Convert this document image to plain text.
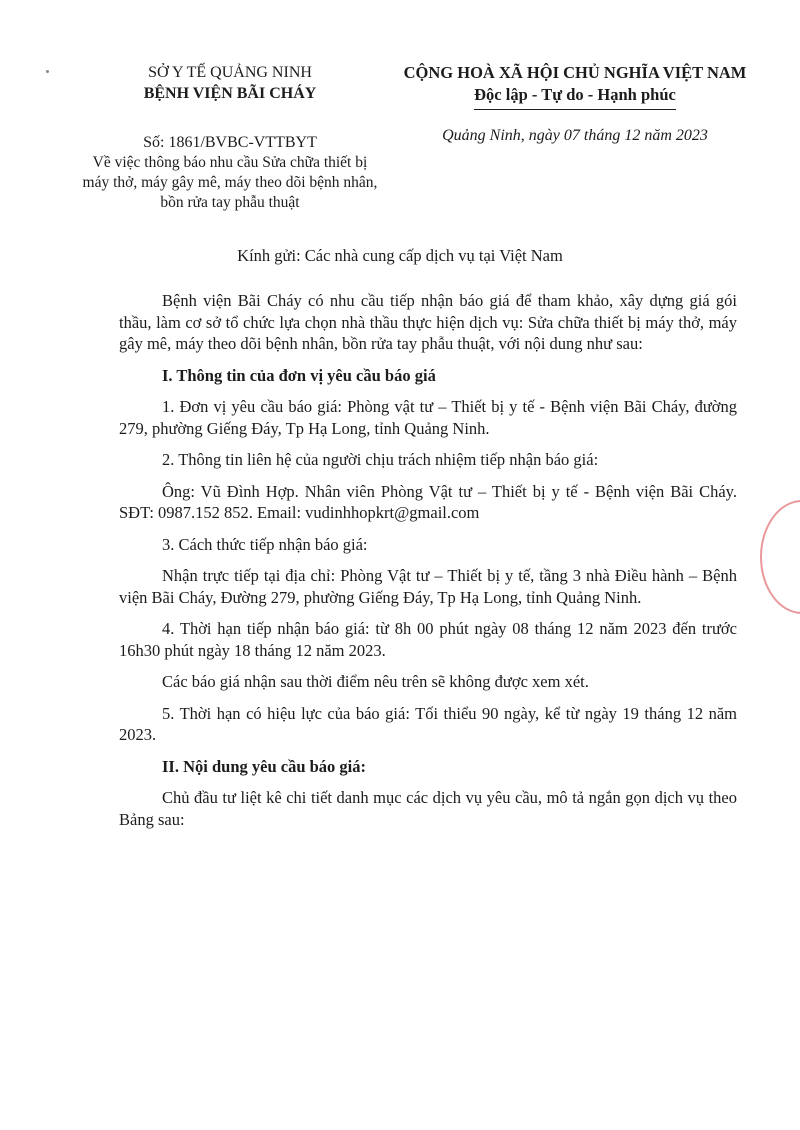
SỞ Y TẾ QUẢNG NINH
BỆNH VIỆN BÃI CHÁY
Số: 1861/BVBC-VTTBYT
Về việc thông báo nhu cầu Sửa chữa thiết bị máy thở, máy gây mê, máy theo dõi bệnh nhân, bồn rửa tay phẫu thuật
CỘNG HOÀ XÃ HỘI CHỦ NGHĨA VIỆT NAM
Độc lập - Tự do - Hạnh phúc
Quảng Ninh, ngày 07 tháng 12 năm 2023
Kính gửi: Các nhà cung cấp dịch vụ tại Việt Nam

Bệnh viện Bãi Cháy có nhu cầu tiếp nhận báo giá để tham khảo, xây dựng giá gói thầu, làm cơ sở tổ chức lựa chọn nhà thầu thực hiện dịch vụ: Sửa chữa thiết bị máy thở, máy gây mê, máy theo dõi bệnh nhân, bồn rửa tay phẫu thuật, với nội dung như sau:

I. Thông tin của đơn vị yêu cầu báo giá

1. Đơn vị yêu cầu báo giá: Phòng vật tư – Thiết bị y tế - Bệnh viện Bãi Cháy, đường 279, phường Giếng Đáy, Tp Hạ Long, tỉnh Quảng Ninh.

2. Thông tin liên hệ của người chịu trách nhiệm tiếp nhận báo giá:

Ông: Vũ Đình Hợp. Nhân viên Phòng Vật tư – Thiết bị y tế - Bệnh viện Bãi Cháy. SĐT: 0987.152 852. Email: vudinhhopkrt@gmail.com

3. Cách thức tiếp nhận báo giá:

Nhận trực tiếp tại địa chỉ: Phòng Vật tư – Thiết bị y tế, tầng 3 nhà Điều hành – Bệnh viện Bãi Cháy, Đường 279, phường Giếng Đáy, Tp Hạ Long, tỉnh Quảng Ninh.

4. Thời hạn tiếp nhận báo giá: từ 8h 00 phút ngày 08 tháng 12 năm 2023 đến trước 16h30 phút ngày 18 tháng 12 năm 2023.

Các báo giá nhận sau thời điểm nêu trên sẽ không được xem xét.

5. Thời hạn có hiệu lực của báo giá: Tối thiểu 90 ngày, kể từ ngày 19 tháng 12 năm 2023.

II. Nội dung yêu cầu báo giá:

Chủ đầu tư liệt kê chi tiết danh mục các dịch vụ yêu cầu, mô tả ngắn gọn dịch vụ theo Bảng sau:
